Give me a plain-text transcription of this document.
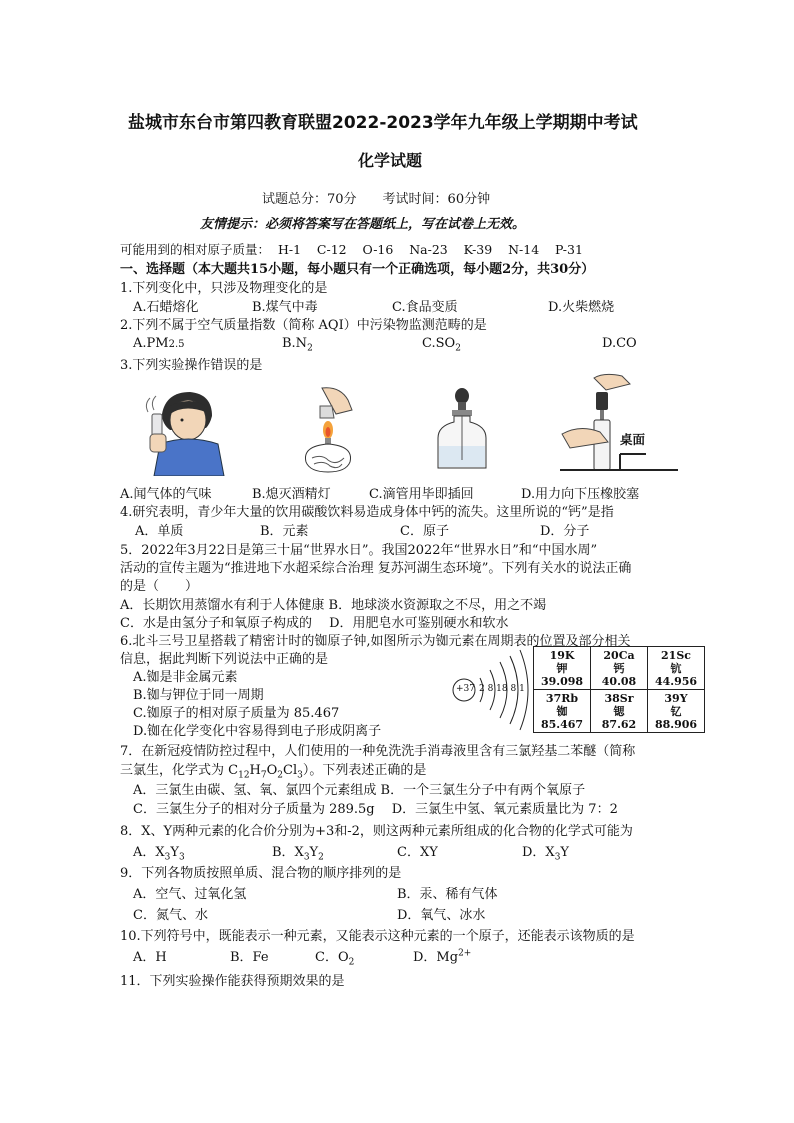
盐城市东台市第四教育联盟2022-2023学年九年级上学期期中考试
化学试题
试题总分：70分　　考试时间：60分钟
友情提示：必须将答案写在答题纸上，写在试卷上无效。
可能用到的相对原子质量：  H-1    C-12    O-16    Na-23    K-39    N-14    P-31
一、选择题（本大题共15小题，每小题只有一个正确选项，每小题2分，共30分）
1.下列变化中，只涉及物理变化的是
A.石蜡熔化	B.煤气中毒	C.食品变质	D.火柴燃烧
2.下列不属于空气质量指数（简称 AQI）中污染物监测范畴的是
A.PM2.5	$B.N_2$	$C.SO_2$	D.CO
3.下列实验操作错误的是
桌面
A.闻气体的气味	B.熄灭酒精灯	C.滴管用毕即插回	D.用力向下压橡胶塞
4.研究表明，青少年大量的饮用碳酸饮料易造成身体中钙的流失。这里所说的“钙”是指
A．单质	B．元素	C．原子	D．分子
5．2022年3月22日是第三十届“世界水日”。我国2022年“世界水日”和“中国水周”
活动的宣传主题为“推进地下水超采综合治理 复苏河湖生态环境”。下列有关水的说法正确
的是（　　）
A．长期饮用蒸馏水有利于人体健康 B．地球淡水资源取之不尽，用之不竭
C．水是由氢分子和氧原子构成的　 D．用肥皂水可鉴别硬水和软水
6.北斗三号卫星搭载了精密计时的铷原子钟,如图所示为铷元素在周期表的位置及部分相关
信息，据此判断下列说法中正确的是
A.铷是非金属元素
B.铷与钾位于同一周期
C.铷原子的相对原子质量为 85.467
D.铷在化学变化中容易得到电子形成阴离子
+37 2 8 18 8 1
19K
钾
39.098	20Ca
钙
40.08	21Sc
钪
44.956

37Rb
铷
85.467	38Sr
锶
87.62	39Y
钇
88.906
7．在新冠疫情防控过程中，人们使用的一种免洗洗手消毒液里含有三氯羟基二苯醚（简称
三氯生，化学式为 $C_{12}H_7O_2Cl_3$）。下列表述正确的是
A．三氯生由碳、氢、氧、氯四个元素组成 B．一个三氯生分子中有两个氧原子
C．三氯生分子的相对分子质量为 289.5g　 D．三氯生中氢、氧元素质量比为 7：2
8．X、Y两种元素的化合价分别为+3和-2，则这两种元素所组成的化合物的化学式可能为
A．$X_3Y_3$	B．$X_3Y_2$	C．XY	D．$X_3Y$
9．下列各物质按照单质、混合物的顺序排列的是
A．空气、过氧化氢	B．汞、稀有气体
C．氮气、水	D．氧气、冰水
10.下列符号中，既能表示一种元素，又能表示这种元素的一个原子，还能表示该物质的是
A．H	B．Fe	C．$O_2$	D．$Mg^{2+}$
11．下列实验操作能获得预期效果的是
